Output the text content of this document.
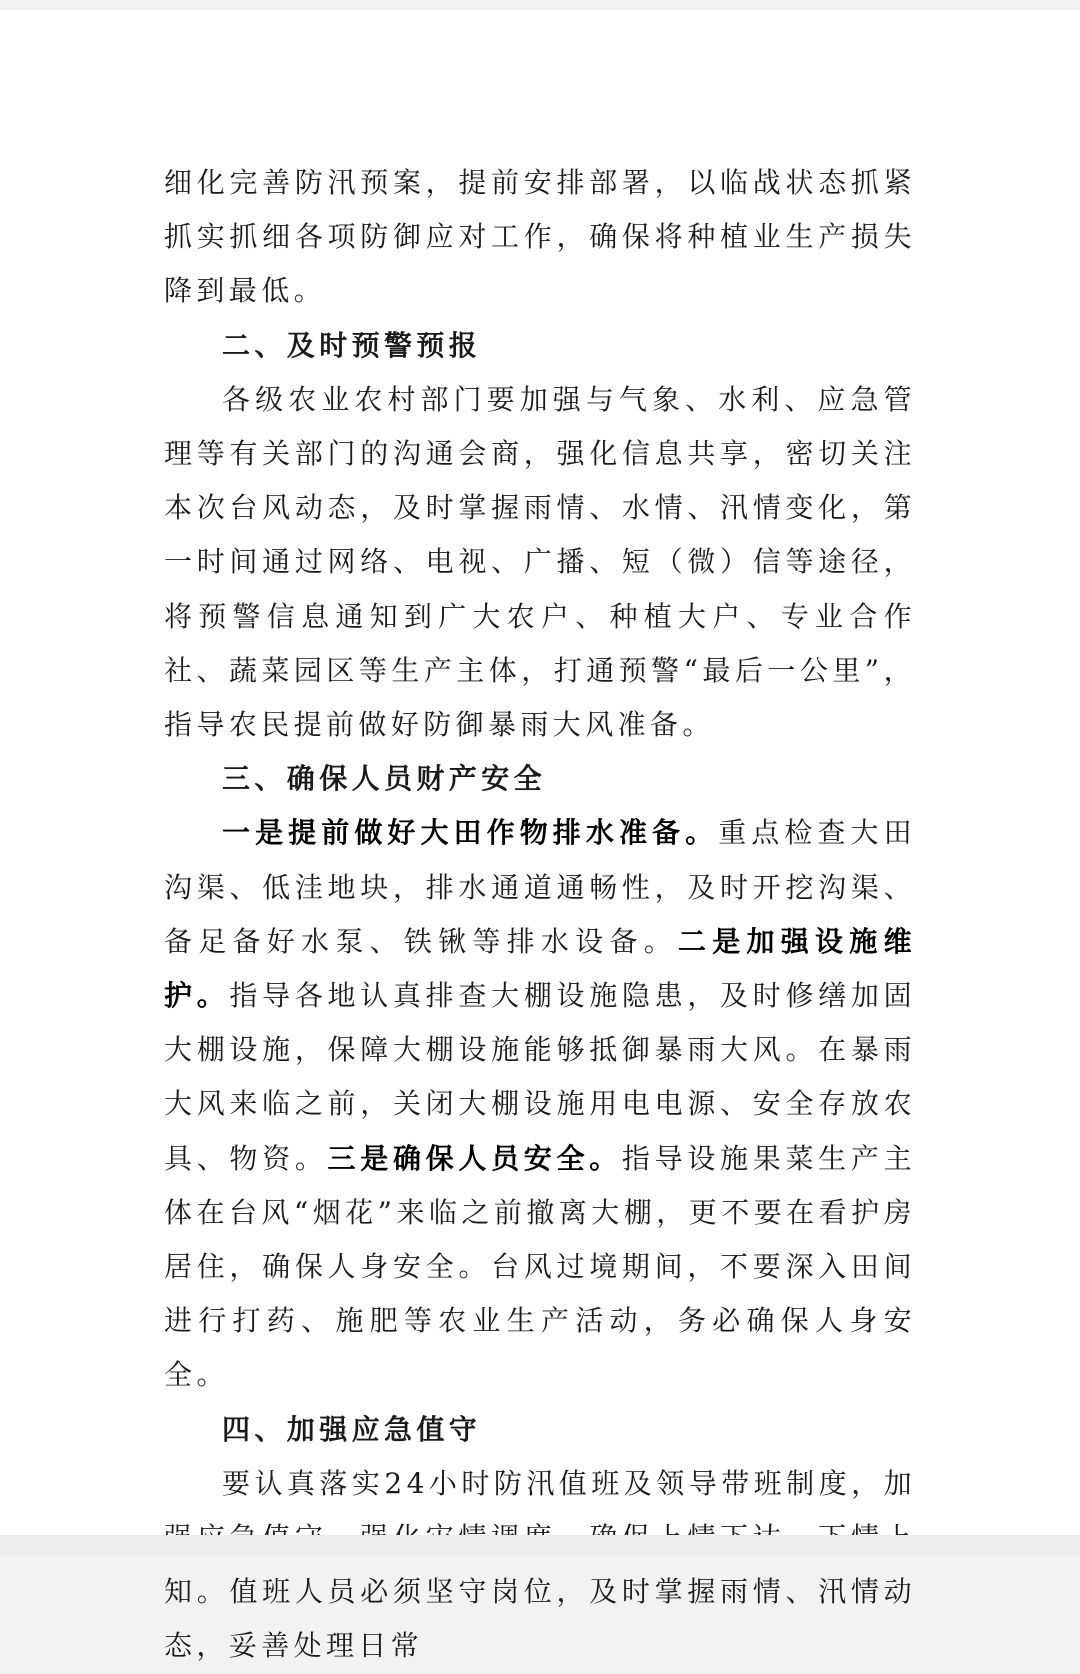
细化完善防汛预案，提前安排部署，以临战状态抓紧抓实抓细各项防御应对工作，确保将种植业生产损失降到最低。

二、及时预警预报

各级农业农村部门要加强与气象、水利、应急管理等有关部门的沟通会商，强化信息共享，密切关注本次台风动态，及时掌握雨情、水情、汛情变化，第一时间通过网络、电视、广播、短（微）信等途径，将预警信息通知到广大农户、种植大户、专业合作社、蔬菜园区等生产主体，打通预警“最后一公里”，指导农民提前做好防御暴雨大风准备。

三、确保人员财产安全

一是提前做好大田作物排水准备。重点检查大田沟渠、低洼地块，排水通道通畅性，及时开挖沟渠、备足备好水泵、铁锹等排水设备。二是加强设施维护。指导各地认真排查大棚设施隐患，及时修缮加固大棚设施，保障大棚设施能够抵御暴雨大风。在暴雨大风来临之前，关闭大棚设施用电电源、安全存放农具、物资。三是确保人员安全。指导设施果菜生产主体在台风“烟花”来临之前撤离大棚，更不要在看护房居住，确保人身安全。台风过境期间，不要深入田间进行打药、施肥等农业生产活动，务必确保人身安全。

四、加强应急值守

要认真落实24小时防汛值班及领导带班制度，加 知。值班人员必须坚守岗位，及时掌握雨情、汛情动态，妥善处理日常
